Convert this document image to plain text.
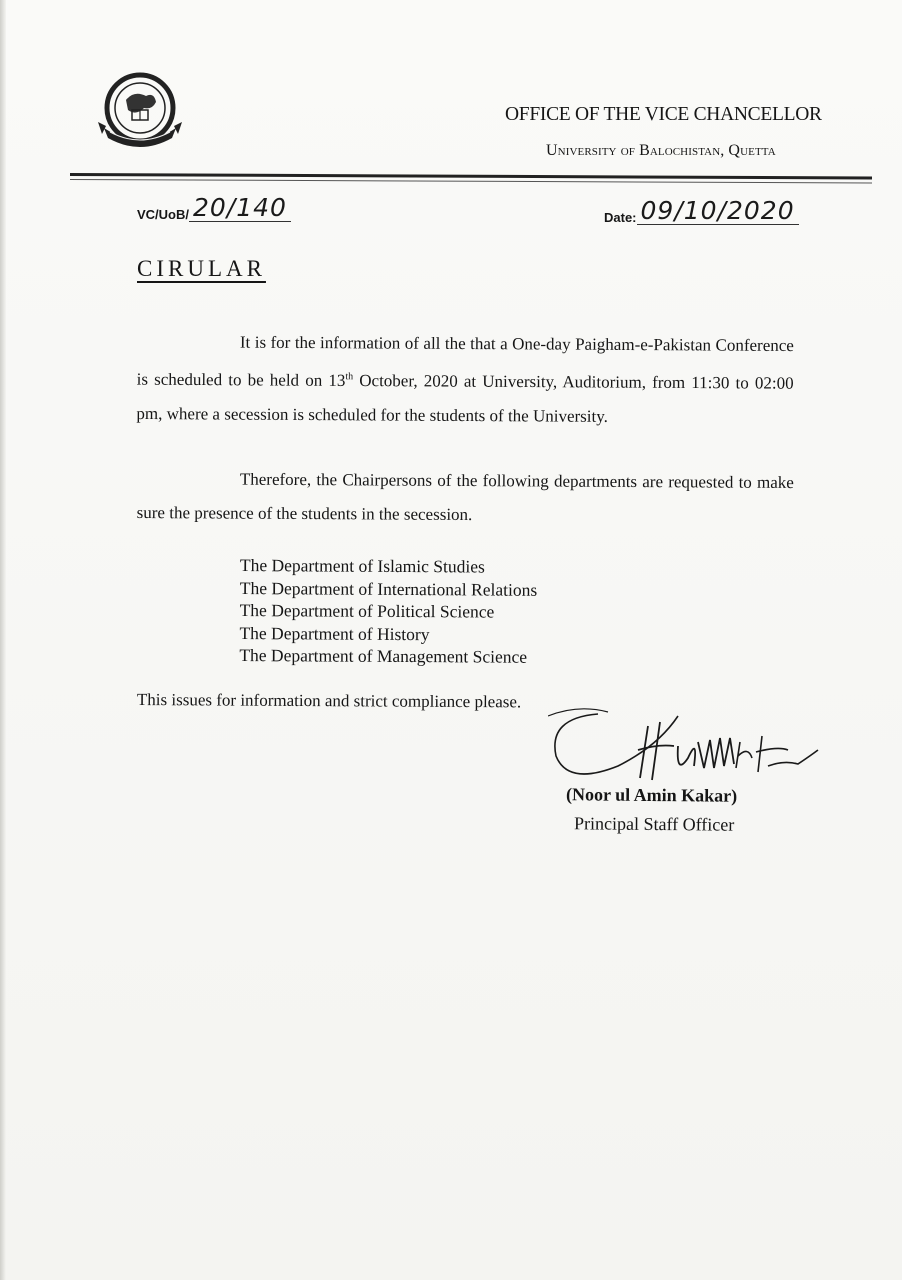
OFFICE OF THE VICE CHANCELLOR
University of Balochistan, Quetta
VC/UoB/ 20/140	Date: 09/10/2020
CIRULAR
It is for the information of all the that a One-day Paigham-e-Pakistan Conference is scheduled to be held on 13th October, 2020 at University, Auditorium, from 11:30 to 02:00 pm, where a secession is scheduled for the students of the University.
Therefore, the Chairpersons of the following departments are requested to make sure the presence of the students in the secession.
The Department of Islamic Studies
The Department of International Relations
The Department of Political Science
The Department of History
The Department of Management Science
This issues for information and strict compliance please.
(Noor ul Amin Kakar)
Principal Staff Officer
